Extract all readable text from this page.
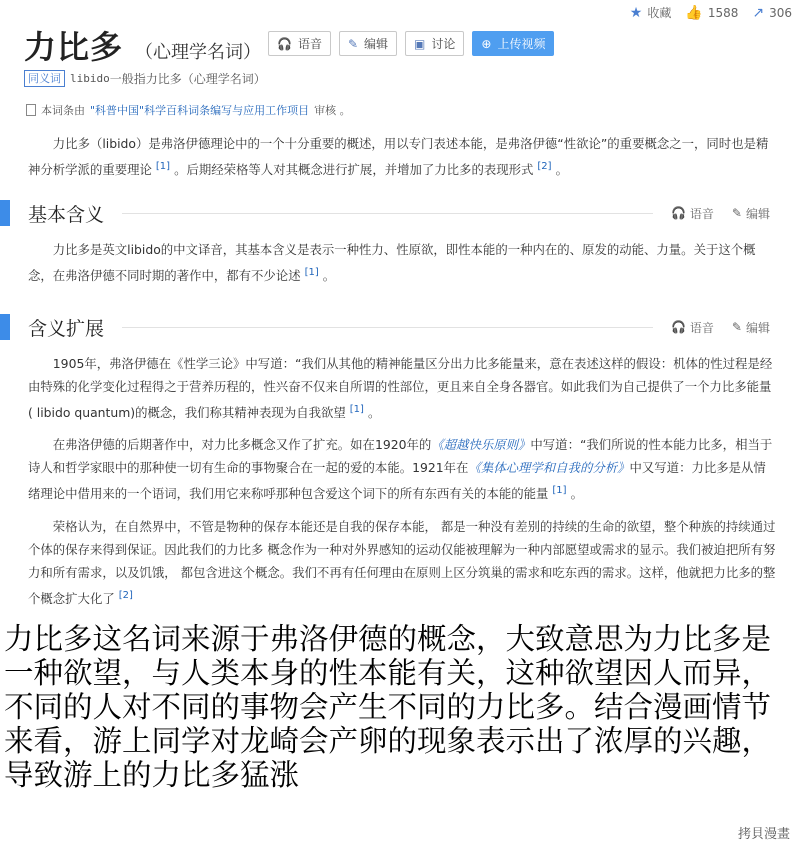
★ 收藏 👍 1588 ↗ 306
力比多 （心理学名词） 🎧 语音 ✎ 编辑 ▣ 讨论 ⊕ 上传视频
同义词 libido 一般指力比多（心理学名词）
本词条由 "科普中国"科学百科词条编写与应用工作项目 审核 。

力比多（libido）是弗洛伊德理论中的一个十分重要的概述，用以专门表述本能，是弗洛伊德“性欲论”的重要概念之一，同时也是精神分析学派的重要理论 [1] 。后期经荣格等人对其概念进行扩展，并增加了力比多的表现形式 [2] 。

基本含义	🎧 语音 ✎ 编辑

力比多是英文libido的中文译音，其基本含义是表示一种性力、性原欲，即性本能的一种内在的、原发的动能、力量。关于这个概念，在弗洛伊德不同时期的著作中，都有不少论述 [1] 。

含义扩展	🎧 语音 ✎ 编辑

1905年，弗洛伊德在《性学三论》中写道：“我们从其他的精神能量区分出力比多能量来，意在表述这样的假设：机体的性过程是经由特殊的化学变化过程得之于营养历程的，性兴奋不仅来自所谓的性部位，更且来自全身各器官。如此我们为自己提供了一个力比多能量( libido quantum)的概念，我们称其精神表现为自我欲望 [1] 。

在弗洛伊德的后期著作中，对力比多概念又作了扩充。如在1920年的《超越快乐原则》中写道：“我们所说的性本能力比多，相当于诗人和哲学家眼中的那种使一切有生命的事物聚合在一起的爱的本能。1921年在《集体心理学和自我的分析》中又写道：力比多是从情绪理论中借用来的一个语词，我们用它来称呼那种包含爱这个词下的所有东西有关的本能的能量 [1] 。

荣格认为，在自然界中，不管是物种的保存本能还是自我的保存本能， 都是一种没有差别的持续的生命的欲望，整个种族的持续通过个体的保存来得到保证。因此我们的力比多 概念作为一种对外界感知的运动仅能被理解为一种内部愿望或需求的显示。我们被迫把所有努力和所有需求，以及饥饿， 都包含进这个概念。我们不再有任何理由在原则上区分筑巢的需求和吃东西的需求。这样，他就把力比多的整个概念扩大化了 [2]

力比多这名词来源于弗洛伊德的概念，大致意思为力比多是一种欲望，与人类本身的性本能有关，这种欲望因人而异，不同的人对不同的事物会产生不同的力比多。结合漫画情节来看，游上同学对龙崎会产卵的现象表示出了浓厚的兴趣，导致游上的力比多猛涨
拷貝漫畫
